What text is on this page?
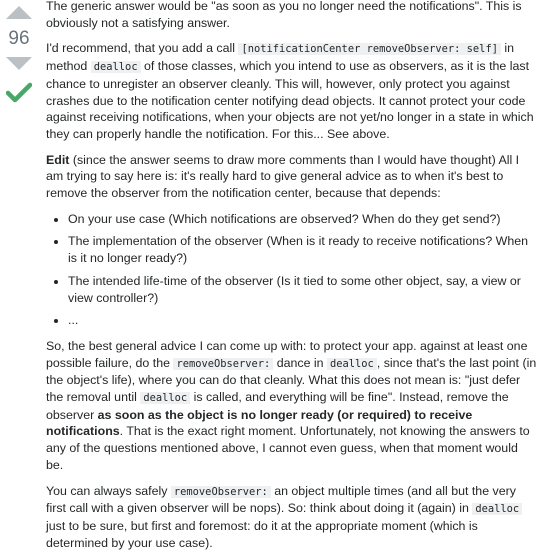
96

The generic answer would be "as soon as you no longer need the notifications". This is obviously not a satisfying answer.

I'd recommend, that you add a call [notificationCenter removeObserver: self] in method dealloc of those classes, which you intend to use as observers, as it is the last chance to unregister an observer cleanly. This will, however, only protect you against crashes due to the notification center notifying dead objects. It cannot protect your code against receiving notifications, when your objects are not yet/no longer in a state in which they can properly handle the notification. For this... See above.

Edit (since the answer seems to draw more comments than I would have thought) All I am trying to say here is: it's really hard to give general advice as to when it's best to remove the observer from the notification center, because that depends:

• On your use case (Which notifications are observed? When do they get send?)
• The implementation of the observer (When is it ready to receive notifications? When is it no longer ready?)
• The intended life-time of the observer (Is it tied to some other object, say, a view or view controller?)
• ...

So, the best general advice I can come up with: to protect your app. against at least one possible failure, do the removeObserver: dance in dealloc , since that's the last point (in the object's life), where you can do that cleanly. What this does not mean is: "just defer the removal until dealloc is called, and everything will be fine". Instead, remove the observer as soon as the object is no longer ready (or required) to receive notifications. That is the exact right moment. Unfortunately, not knowing the answers to any of the questions mentioned above, I cannot even guess, when that moment would be.

You can always safely removeObserver: an object multiple times (and all but the very first call with a given observer will be nops). So: think about doing it (again) in dealloc just to be sure, but first and foremost: do it at the appropriate moment (which is determined by your use case).
